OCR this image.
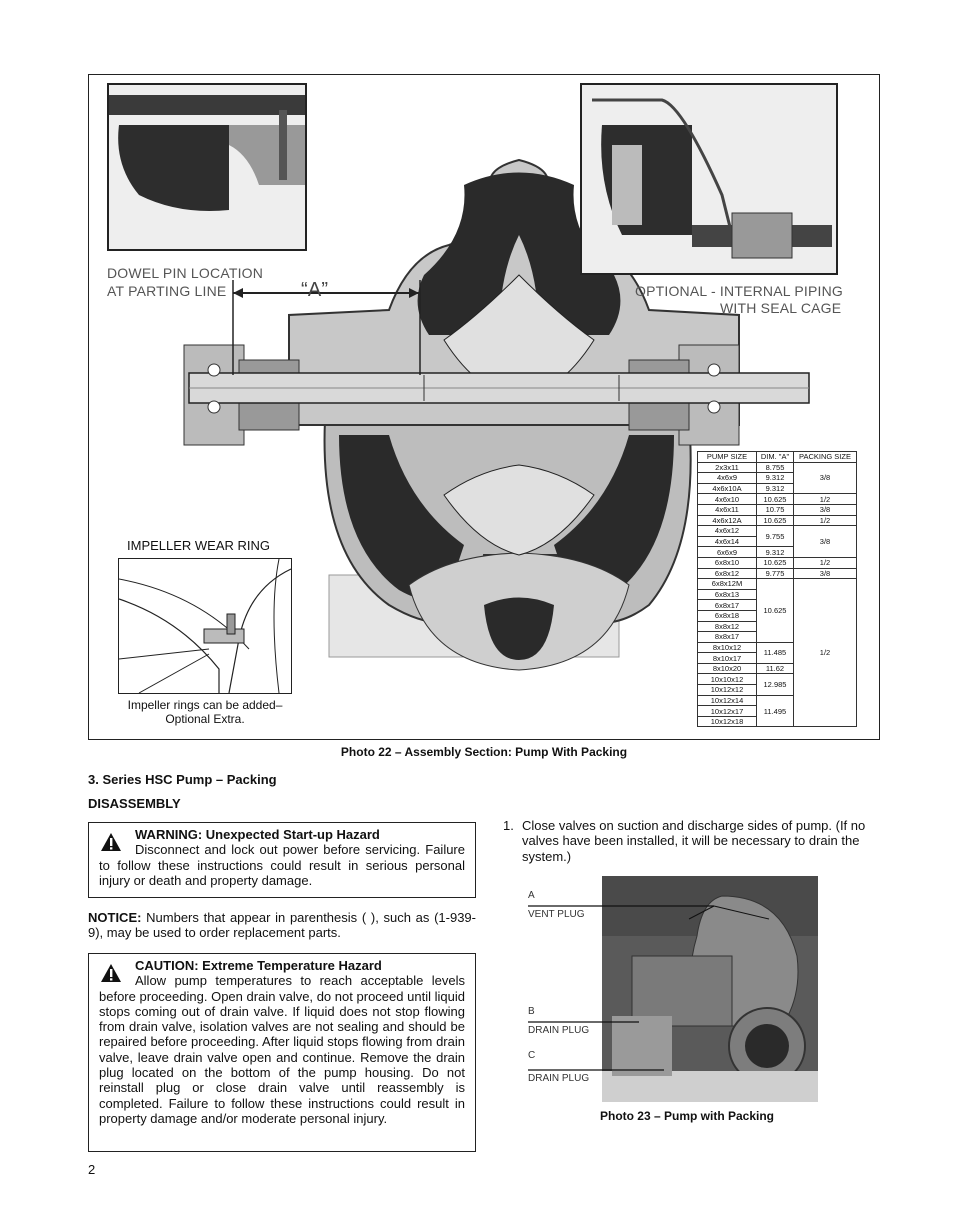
DOWEL PIN LOCATION
AT PARTING LINE	“A”	OPTIONAL - INTERNAL PIPING
WITH SEAL CAGE
IMPELLER WEAR RING
Impeller rings can be added–
Optional Extra.
PUMP SIZE	DIM. "A"	PACKING SIZE
2x3x11	8.755	3/8
4x6x9	9.312	
4x6x10A	9.312	
4x6x10	10.625	1/2
4x6x11	10.75	3/8
4x6x12A	10.625	1/2
4x6x12	9.755	3/8
4x6x14		
6x6x9	9.312	
6x8x10	10.625	1/2
6x8x12	9.775	3/8
6x8x12M	10.625	1/2
6x8x13		
6x8x17		
6x8x18		
8x8x12		
8x8x17		
8x10x12	11.485	
8x10x17		
8x10x20	11.62	
10x10x12	12.985	
10x12x12		
10x12x14	11.495	
10x12x17		
10x12x18		
Photo 22 – Assembly Section: Pump With Packing
3. Series HSC Pump – Packing
DISASSEMBLY
WARNING: Unexpected Start-up Hazard
Disconnect and lock out power before servicing. Failure to follow these instructions could result in serious personal injury or death and property damage.
NOTICE: Numbers that appear in parenthesis ( ), such as (1-939-9), may be used to order replacement parts.
CAUTION: Extreme Temperature Hazard
Allow pump temperatures to reach acceptable levels before proceeding. Open drain valve, do not proceed until liquid stops coming out of drain valve. If liquid does not stop flowing from drain valve, isolation valves are not sealing and should be repaired before proceeding. After liquid stops flowing from drain valve, leave drain valve open and continue. Remove the drain plug located on the bottom of the pump housing. Do not reinstall plug or close drain valve until reassembly is completed. Failure to follow these instructions could result in property damage and/or moderate personal injury.
2
1. Close valves on suction and discharge sides of pump. (If no valves have been installed, it will be necessary to drain the system.)
A
VENT PLUG
B
DRAIN PLUG
C
DRAIN PLUG
Photo 23 – Pump with Packing
